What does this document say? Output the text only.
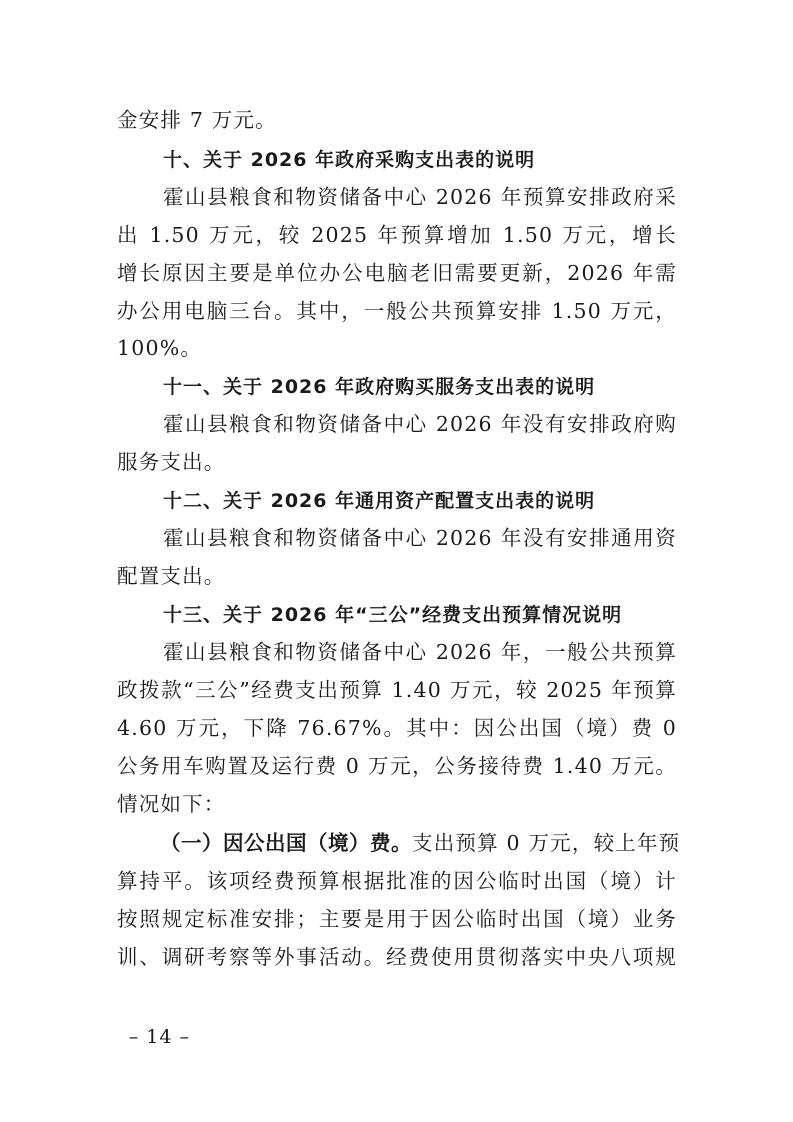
金安排 7 万元。
十、关于 2026 年政府采购支出表的说明
霍山县粮食和物资储备中心 2026 年预算安排政府采
出 1.50 万元，较 2025 年预算增加 1.50 万元，增长
增长原因主要是单位办公电脑老旧需要更新，2026 年需
办公用电脑三台。其中，一般公共预算安排 1.50 万元，
100%。
十一、关于 2026 年政府购买服务支出表的说明
霍山县粮食和物资储备中心 2026 年没有安排政府购
服务支出。
十二、关于 2026 年通用资产配置支出表的说明
霍山县粮食和物资储备中心 2026 年没有安排通用资
配置支出。
十三、关于 2026 年“三公”经费支出预算情况说明
霍山县粮食和物资储备中心 2026 年，一般公共预算
政拨款“三公”经费支出预算 1.40 万元，较 2025 年预算
4.60 万元，下降 76.67%。其中：因公出国（境）费 0
公务用车购置及运行费 0 万元，公务接待费 1.40 万元。
情况如下：
（一）因公出国（境）费。 支出预算 0 万元，较上年预
算持平。该项经费预算根据批准的因公临时出国（境）计
按照规定标准安排；主要是用于因公临时出国（境）业务
训、调研考察等外事活动。经费使用贯彻落实中央八项规
– 14 –
